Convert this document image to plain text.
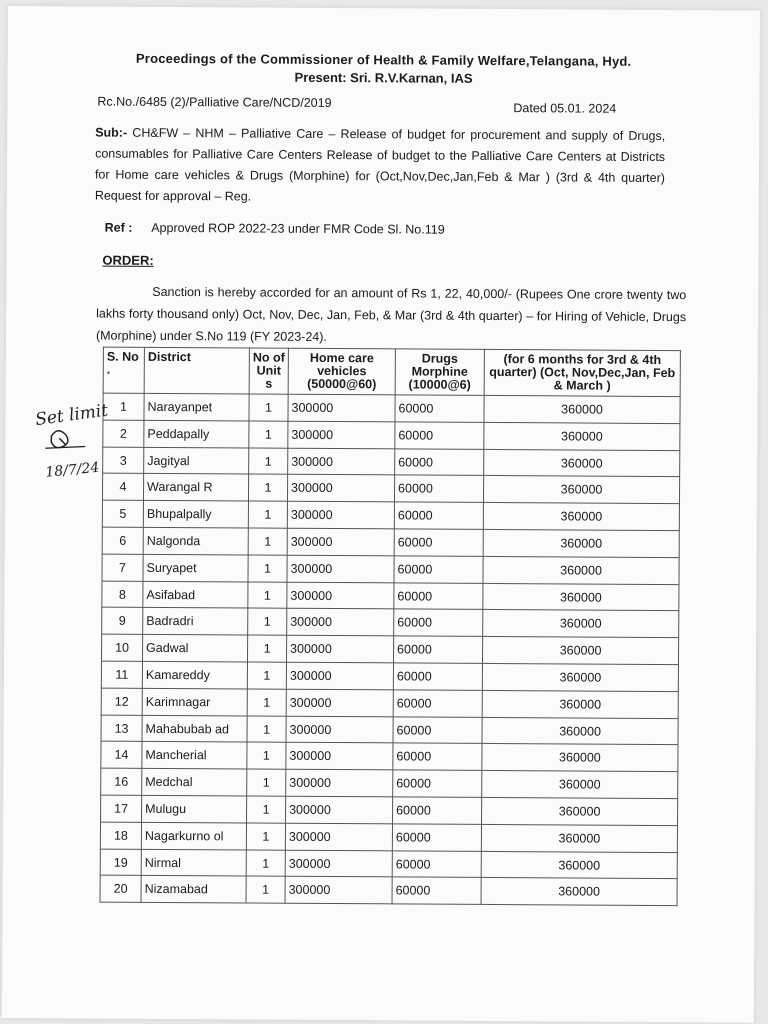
Proceedings of the Commissioner of Health & Family Welfare,Telangana, Hyd.
Present: Sri. R.V.Karnan, IAS
Rc.No./6485 (2)/Palliative Care/NCD/2019	Dated 05.01. 2024
Sub:- CH&FW – NHM – Palliative Care – Release of budget for procurement and supply of Drugs, consumables for Palliative Care Centers Release of budget to the Palliative Care Centers at Districts for Home care vehicles & Drugs (Morphine) for (Oct,Nov,Dec,Jan,Feb & Mar ) (3rd & 4th quarter) Request for approval – Reg.
Ref : Approved ROP 2022-23 under FMR Code Sl. No.119
ORDER:
Sanction is hereby accorded for an amount of Rs 1, 22, 40,000/- (Rupees One crore twenty two lakhs forty thousand only) Oct, Nov, Dec, Jan, Feb, & Mar (3rd & 4th quarter) – for Hiring of Vehicle, Drugs (Morphine) under S.No 119 (FY 2023-24).
S. No .	District	No of Unit s	Home care vehicles (50000@60)	Drugs Morphine (10000@6)	(for 6 months for 3rd & 4th quarter) (Oct, Nov,Dec,Jan, Feb & March )
1	Narayanpet	1	300000	60000	360000
2	Peddapally	1	300000	60000	360000
3	Jagityal	1	300000	60000	360000
4	Warangal R	1	300000	60000	360000
5	Bhupalpally	1	300000	60000	360000
6	Nalgonda	1	300000	60000	360000
7	Suryapet	1	300000	60000	360000
8	Asifabad	1	300000	60000	360000
9	Badradri	1	300000	60000	360000
10	Gadwal	1	300000	60000	360000
11	Kamareddy	1	300000	60000	360000
12	Karimnagar	1	300000	60000	360000
13	Mahabubab ad	1	300000	60000	360000
14	Mancherial	1	300000	60000	360000
16	Medchal	1	300000	60000	360000
17	Mulugu	1	300000	60000	360000
18	Nagarkurno ol	1	300000	60000	360000
19	Nirmal	1	300000	60000	360000
20	Nizamabad	1	300000	60000	360000
Set limit
18/7/24
